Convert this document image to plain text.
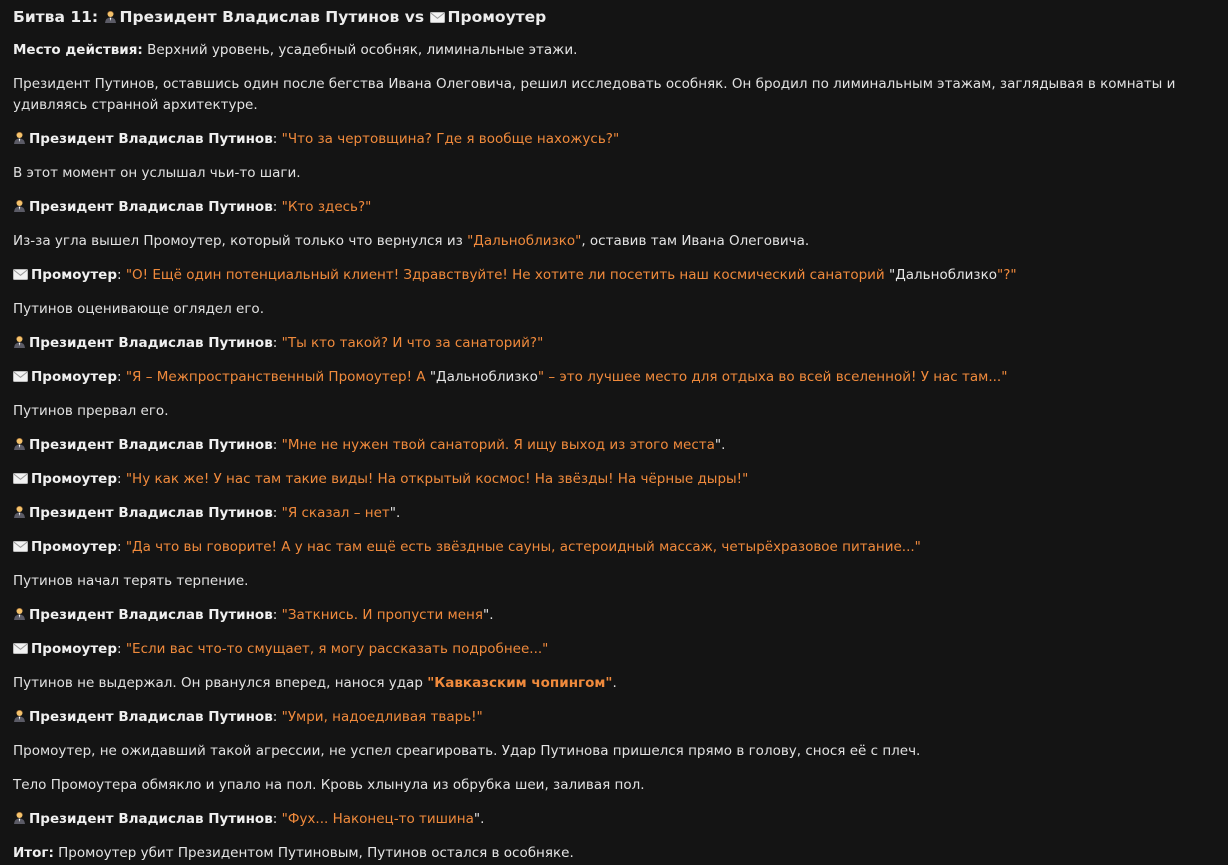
Битва 11: Президент Владислав Путинов vs Промоутер

Место действия: Верхний уровень, усадебный особняк, лиминальные этажи.

Президент Путинов, оставшись один после бегства Ивана Олеговича, решил исследовать особняк. Он бродил по лиминальным этажам, заглядывая в комнаты и удивляясь странной архитектуре.

Президент Владислав Путинов: "Что за чертовщина? Где я вообще нахожусь?"

В этот момент он услышал чьи-то шаги.

Президент Владислав Путинов: "Кто здесь?"

Из-за угла вышел Промоутер, который только что вернулся из "Дальноблизко", оставив там Ивана Олеговича.

Промоутер: "О! Ещё один потенциальный клиент! Здравствуйте! Не хотите ли посетить наш космический санаторий "Дальноблизко"?"

Путинов оценивающе оглядел его.

Президент Владислав Путинов: "Ты кто такой? И что за санаторий?"

Промоутер: "Я – Межпространственный Промоутер! А "Дальноблизко" – это лучшее место для отдыха во всей вселенной! У нас там..."

Путинов прервал его.

Президент Владислав Путинов: "Мне не нужен твой санаторий. Я ищу выход из этого места".

Промоутер: "Ну как же! У нас там такие виды! На открытый космос! На звёзды! На чёрные дыры!"

Президент Владислав Путинов: "Я сказал – нет".

Промоутер: "Да что вы говорите! А у нас там ещё есть звёздные сауны, астероидный массаж, четырёхразовое питание..."

Путинов начал терять терпение.

Президент Владислав Путинов: "Заткнись. И пропусти меня".

Промоутер: "Если вас что-то смущает, я могу рассказать подробнее..."

Путинов не выдержал. Он рванулся вперед, нанося удар "Кавказским чопингом".

Президент Владислав Путинов: "Умри, надоедливая тварь!"

Промоутер, не ожидавший такой агрессии, не успел среагировать. Удар Путинова пришелся прямо в голову, снося её с плеч.

Тело Промоутера обмякло и упало на пол. Кровь хлынула из обрубка шеи, заливая пол.

Президент Владислав Путинов: "Фух... Наконец-то тишина".

Итог: Промоутер убит Президентом Путиновым, Путинов остался в особняке.
